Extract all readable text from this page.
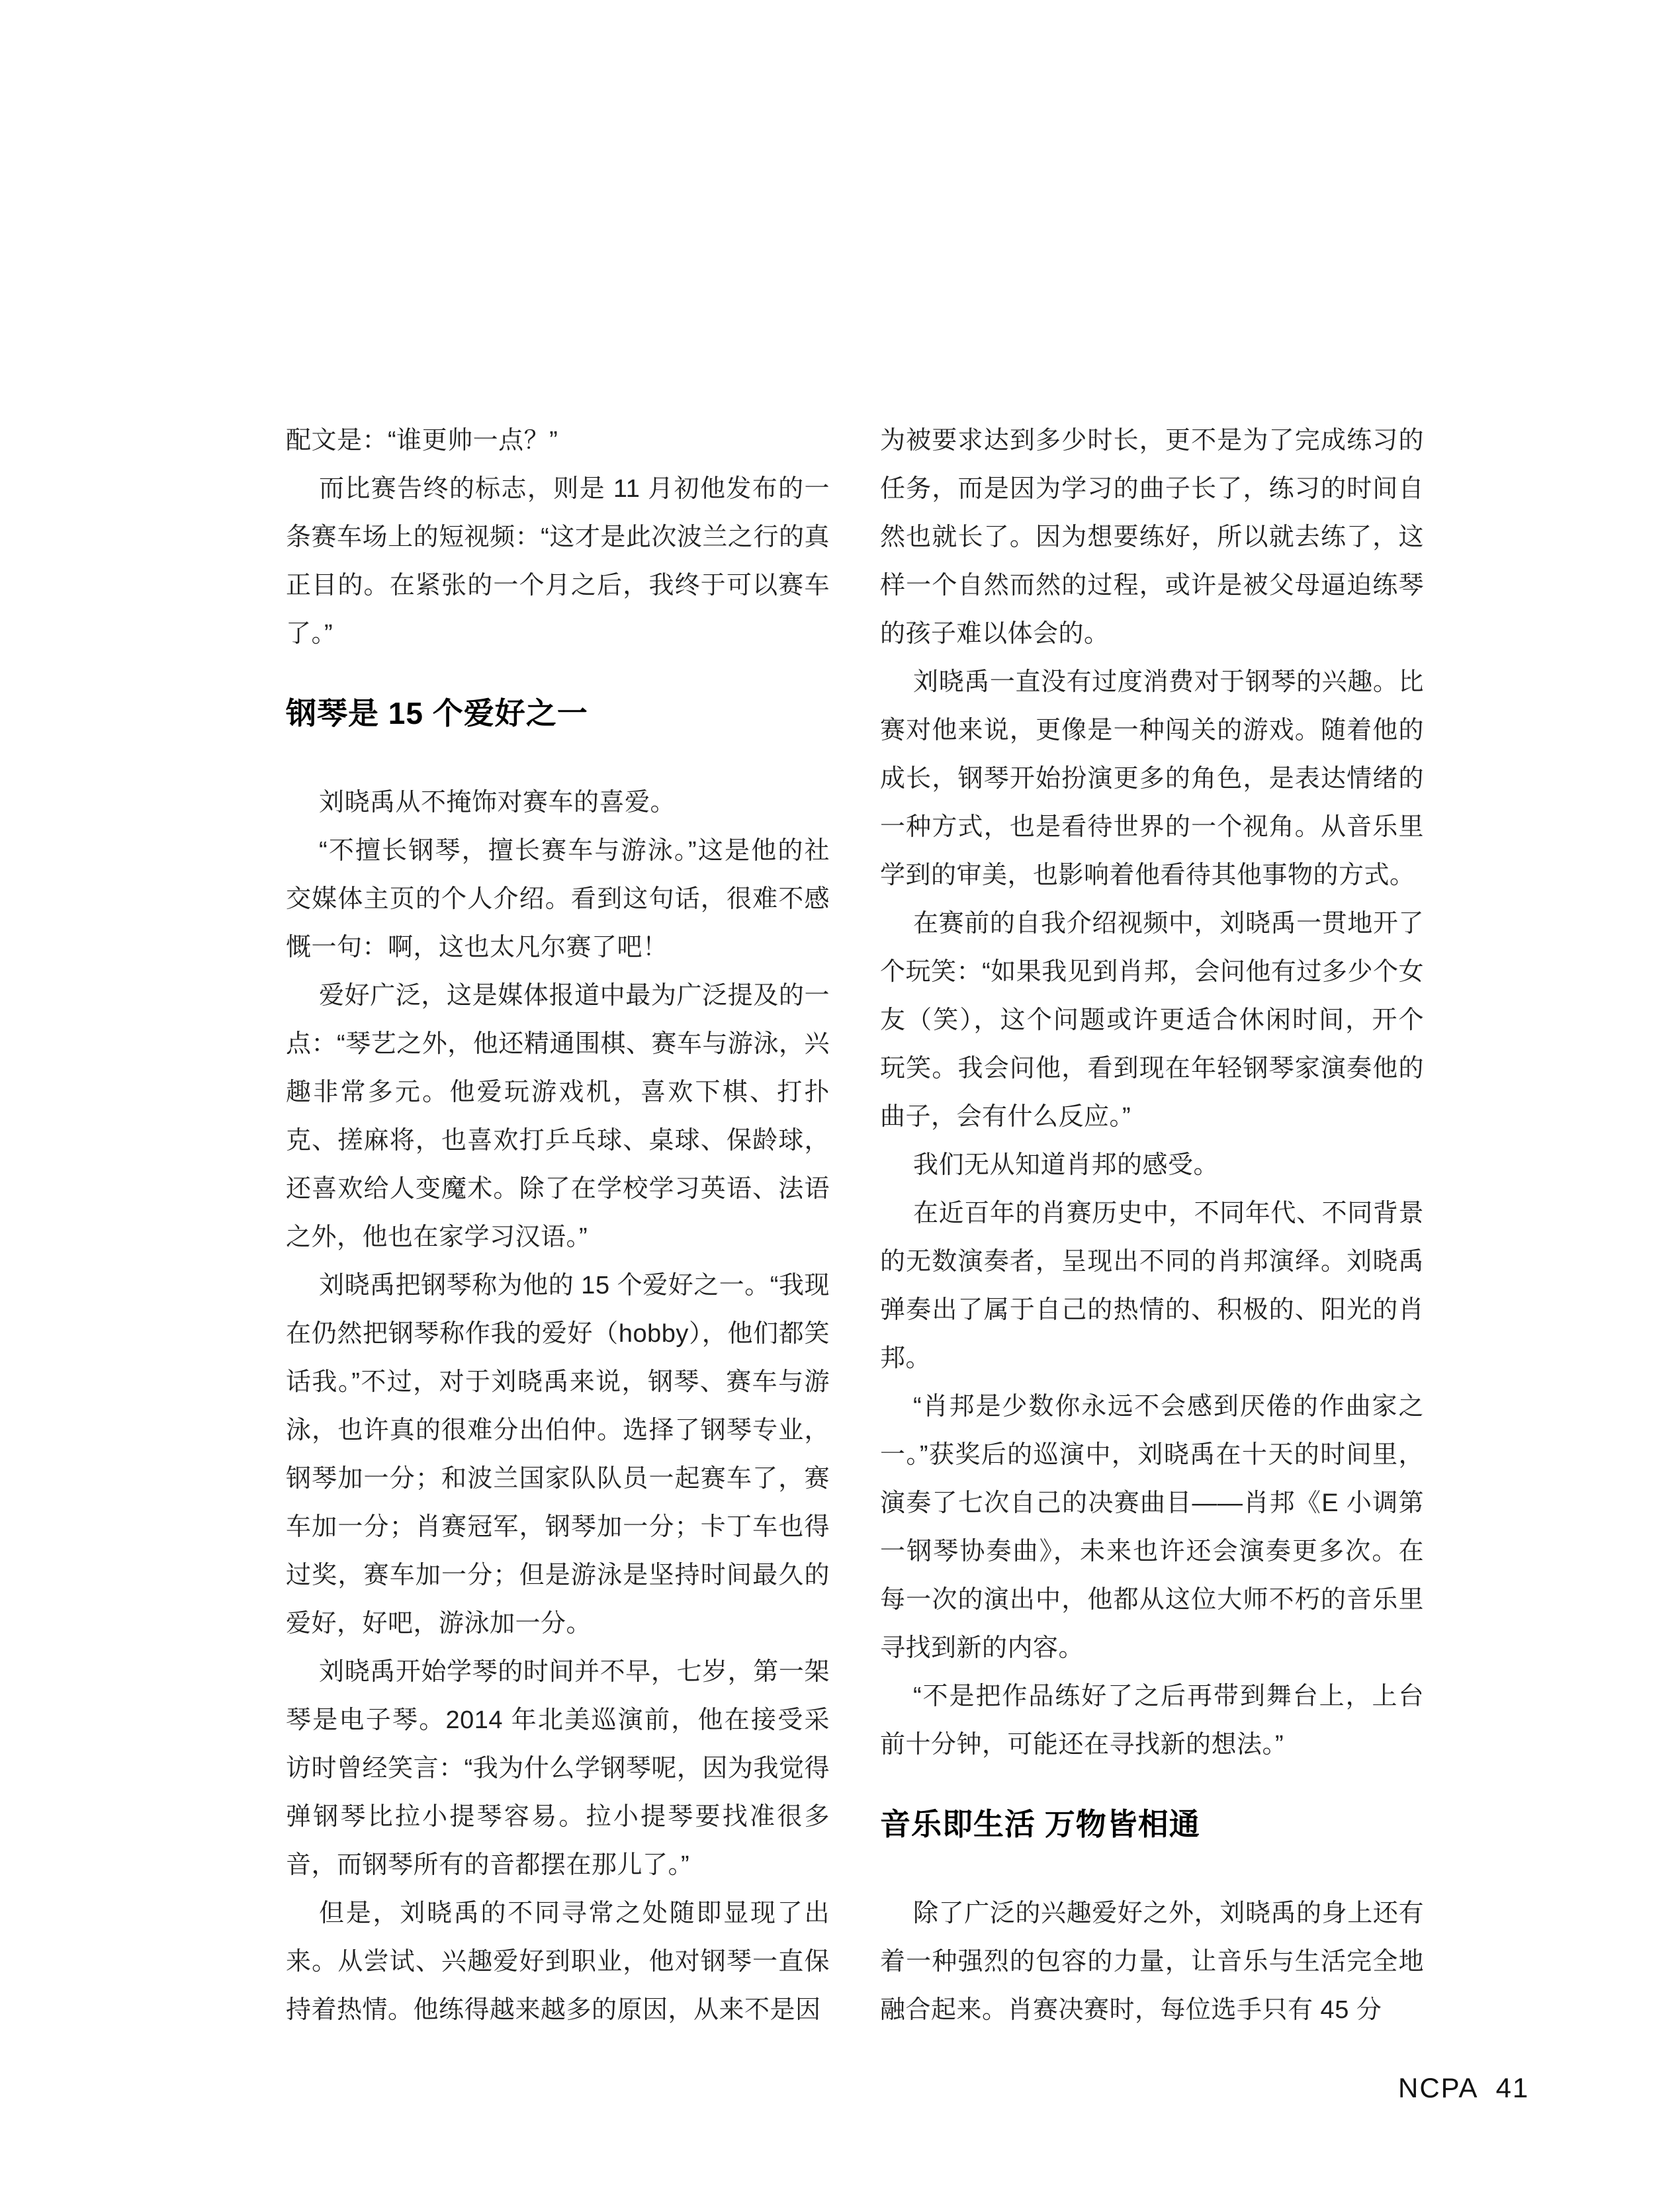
配文是：“谁更帅一点？”

而比赛告终的标志，则是 11 月初他发布的一条赛车场上的短视频：“这才是此次波兰之行的真正目的。在紧张的一个月之后，我终于可以赛车了。”

钢琴是 15 个爱好之一

刘晓禹从不掩饰对赛车的喜爱。

“不擅长钢琴，擅长赛车与游泳。”这是他的社交媒体主页的个人介绍。看到这句话，很难不感慨一句：啊，这也太凡尔赛了吧！

爱好广泛，这是媒体报道中最为广泛提及的一点：“琴艺之外，他还精通围棋、赛车与游泳，兴趣非常多元。他爱玩游戏机，喜欢下棋、打扑克、搓麻将，也喜欢打乒乓球、桌球、保龄球，还喜欢给人变魔术。除了在学校学习英语、法语之外，他也在家学习汉语。”

刘晓禹把钢琴称为他的 15 个爱好之一。“我现在仍然把钢琴称作我的爱好（hobby），他们都笑话我。”不过，对于刘晓禹来说，钢琴、赛车与游泳，也许真的很难分出伯仲。选择了钢琴专业，钢琴加一分；和波兰国家队队员一起赛车了，赛车加一分；肖赛冠军，钢琴加一分；卡丁车也得过奖，赛车加一分；但是游泳是坚持时间最久的爱好，好吧，游泳加一分。

刘晓禹开始学琴的时间并不早，七岁，第一架琴是电子琴。2014 年北美巡演前，他在接受采访时曾经笑言：“我为什么学钢琴呢，因为我觉得弹钢琴比拉小提琴容易。拉小提琴要找准很多音，而钢琴所有的音都摆在那儿了。”

但是，刘晓禹的不同寻常之处随即显现了出来。从尝试、兴趣爱好到职业，他对钢琴一直保持着热情。他练得越来越多的原因，从来不是因

为被要求达到多少时长，更不是为了完成练习的任务，而是因为学习的曲子长了，练习的时间自然也就长了。因为想要练好，所以就去练了，这样一个自然而然的过程，或许是被父母逼迫练琴的孩子难以体会的。

刘晓禹一直没有过度消费对于钢琴的兴趣。比赛对他来说，更像是一种闯关的游戏。随着他的成长，钢琴开始扮演更多的角色，是表达情绪的一种方式，也是看待世界的一个视角。从音乐里学到的审美，也影响着他看待其他事物的方式。

在赛前的自我介绍视频中，刘晓禹一贯地开了个玩笑：“如果我见到肖邦，会问他有过多少个女友（笑），这个问题或许更适合休闲时间，开个玩笑。我会问他，看到现在年轻钢琴家演奏他的曲子，会有什么反应。”

我们无从知道肖邦的感受。

在近百年的肖赛历史中，不同年代、不同背景的无数演奏者，呈现出不同的肖邦演绎。刘晓禹弹奏出了属于自己的热情的、积极的、阳光的肖邦。

“肖邦是少数你永远不会感到厌倦的作曲家之一。”获奖后的巡演中，刘晓禹在十天的时间里，演奏了七次自己的决赛曲目——肖邦《E 小调第一钢琴协奏曲》，未来也许还会演奏更多次。在每一次的演出中，他都从这位大师不朽的音乐里寻找到新的内容。

“不是把作品练好了之后再带到舞台上，上台前十分钟，可能还在寻找新的想法。”

音乐即生活 万物皆相通

除了广泛的兴趣爱好之外，刘晓禹的身上还有着一种强烈的包容的力量，让音乐与生活完全地融合起来。肖赛决赛时，每位选手只有 45 分

NCPA 41
